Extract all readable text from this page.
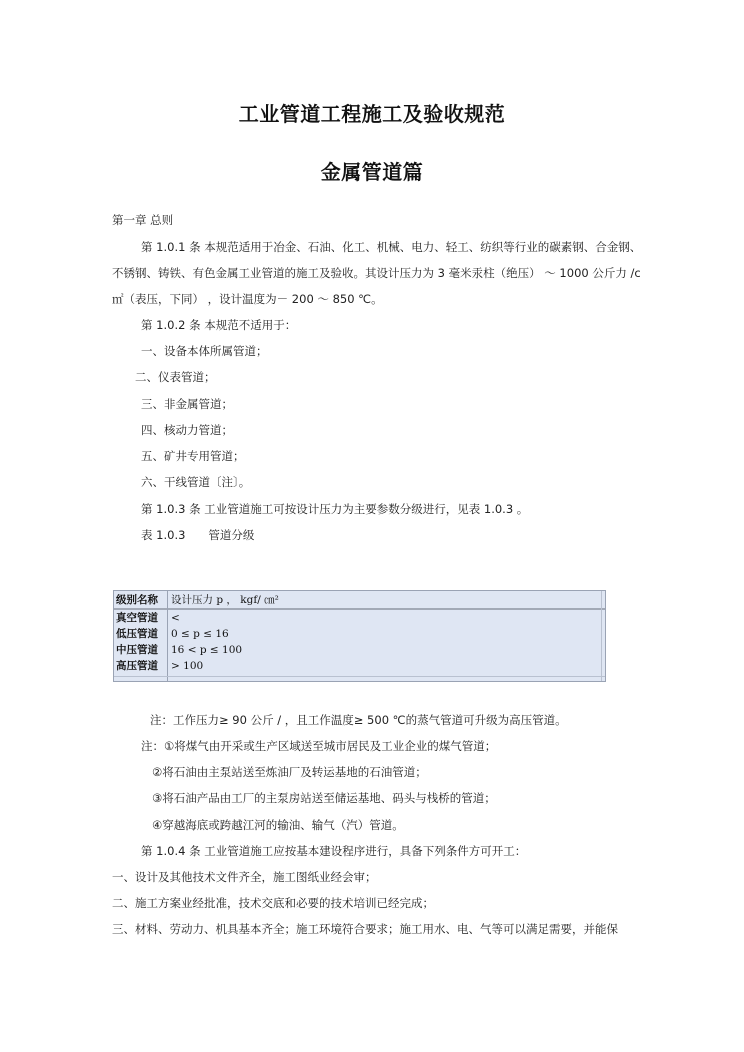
工业管道工程施工及验收规范
金属管道篇
第一章 总则
第 1.0.1 条 本规范适用于冶金、石油、化工、机械、电力、轻工、纺织等行业的碳素钢、合金钢、
不锈钢、铸铁、有色金属工业管道的施工及验收。其设计压力为 3 毫米汞柱（绝压） ～ 1000 公斤力 /c
㎡（表压，下同） ，设计温度为－ 200 ～ 850 ℃。
第 1.0.2 条 本规范不适用于：
一、设备本体所属管道；
二、仪表管道；
三、非金属管道；
四、核动力管道；
五、矿井专用管道；
六、干线管道〔注〕。
第 1.0.3 条 工业管道施工可按设计压力为主要参数分级进行，见表 1.0.3 。
表 1.0.3　　管道分级
级别名称 设计压力 p ， kgf/ ㎝²
真空管道 <
低压管道 0 ≤ p ≤ 16
中压管道 16 < p ≤ 100
高压管道 > 100
注：工作压力≥ 90 公斤 / ，且工作温度≥ 500 ℃的蒸气管道可升级为高压管道。
注：①将煤气由开采或生产区域送至城市居民及工业企业的煤气管道；
②将石油由主泵站送至炼油厂及转运基地的石油管道；
③将石油产品由工厂的主泵房站送至储运基地、码头与栈桥的管道；
④穿越海底或跨越江河的输油、输气（汽）管道。
第 1.0.4 条 工业管道施工应按基本建设程序进行，具备下列条件方可开工：
一、设计及其他技术文件齐全，施工图纸业经会审；
二、施工方案业经批准，技术交底和必要的技术培训已经完成；
三、材料、劳动力、机具基本齐全；施工环境符合要求；施工用水、电、气等可以满足需要，并能保
